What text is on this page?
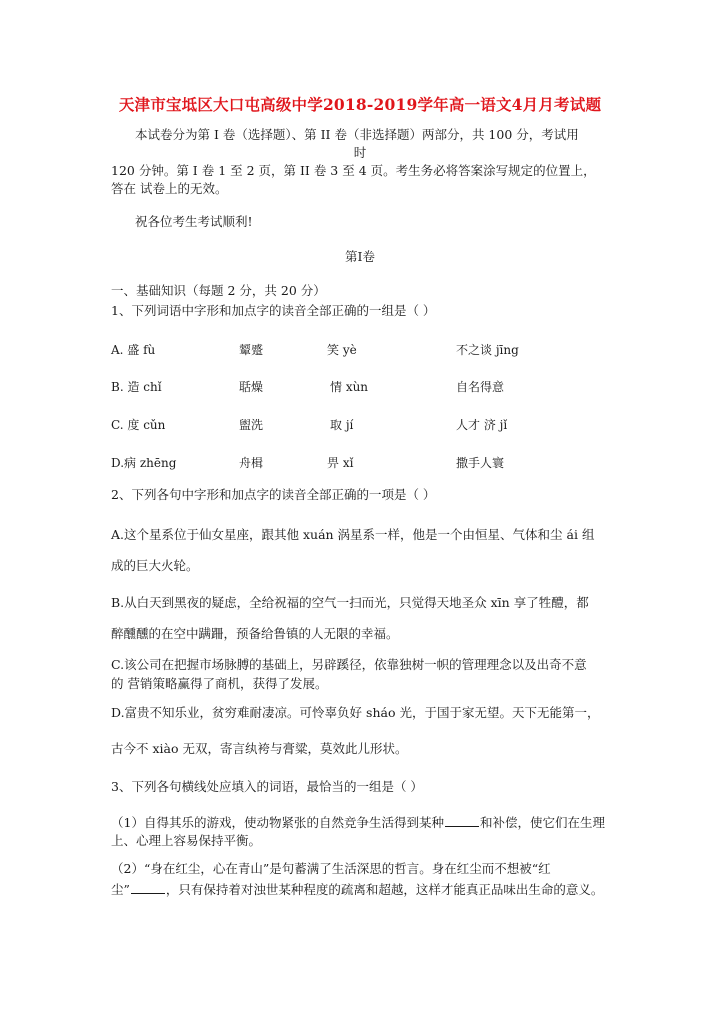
天津市宝坻区大口屯高级中学2018-2019学年高一语文4月月考试题
本试卷分为第 I 卷（选择题）、第 II 卷（非选择题）两部分，共 100 分，考试用
时
120 分钟。第 I 卷 1 至 2 页，第 II 卷 3 至 4 页。考生务必将答案涂写规定的位置上，
答在 试卷上的无效。
祝各位考生考试顺利!
第I卷
一、基础知识（每题 2 分，共 20 分）
1、下列词语中字形和加点字的读音全部正确的一组是（ ）
A. 盛 fù	颦蹙	笑 yè	不之谈 jīng
B. 造 chǐ	聒燥	情 xùn	自名得意
C. 度 cǔn	盥洗	取 jí	人才 济 jǐ
D.病 zhēng	舟楫	畀 xǐ	撒手人寰
2、下列各句中字形和加点字的读音全部正确的一项是（ ）
A.这个星系位于仙女星座，跟其他 xuán 涡星系一样，他是一个由恒星、气体和尘 ái 组
成的巨大火轮。
B.从白天到黑夜的疑虑，全给祝福的空气一扫而光，只觉得天地圣众 xīn 享了牲醴，都
醉醺醺的在空中蹒跚，预备给鲁镇的人无限的幸福。
C.该公司在把握市场脉膊的基础上，另辟蹊径，依靠独树一帜的管理理念以及出奇不意
的 营销策略赢得了商机，获得了发展。
D.富贵不知乐业，贫穷难耐凄凉。可怜辜负好 sháo 光，于国于家无望。天下无能第一，
古今不 xiào 无双，寄言纨袴与膏粱，莫效此儿形状。
3、下列各句横线处应填入的词语，最恰当的一组是（ ）
（1）自得其乐的游戏，使动物紧张的自然竞争生活得到某种	和补偿，使它们在生理
上、心理上容易保持平衡。
（2）“身在红尘，心在青山”是句蓄满了生活深思的哲言。身在红尘而不想被“红
尘”	，只有保持着对浊世某种程度的疏离和超越，这样才能真正品味出生命的意义。
